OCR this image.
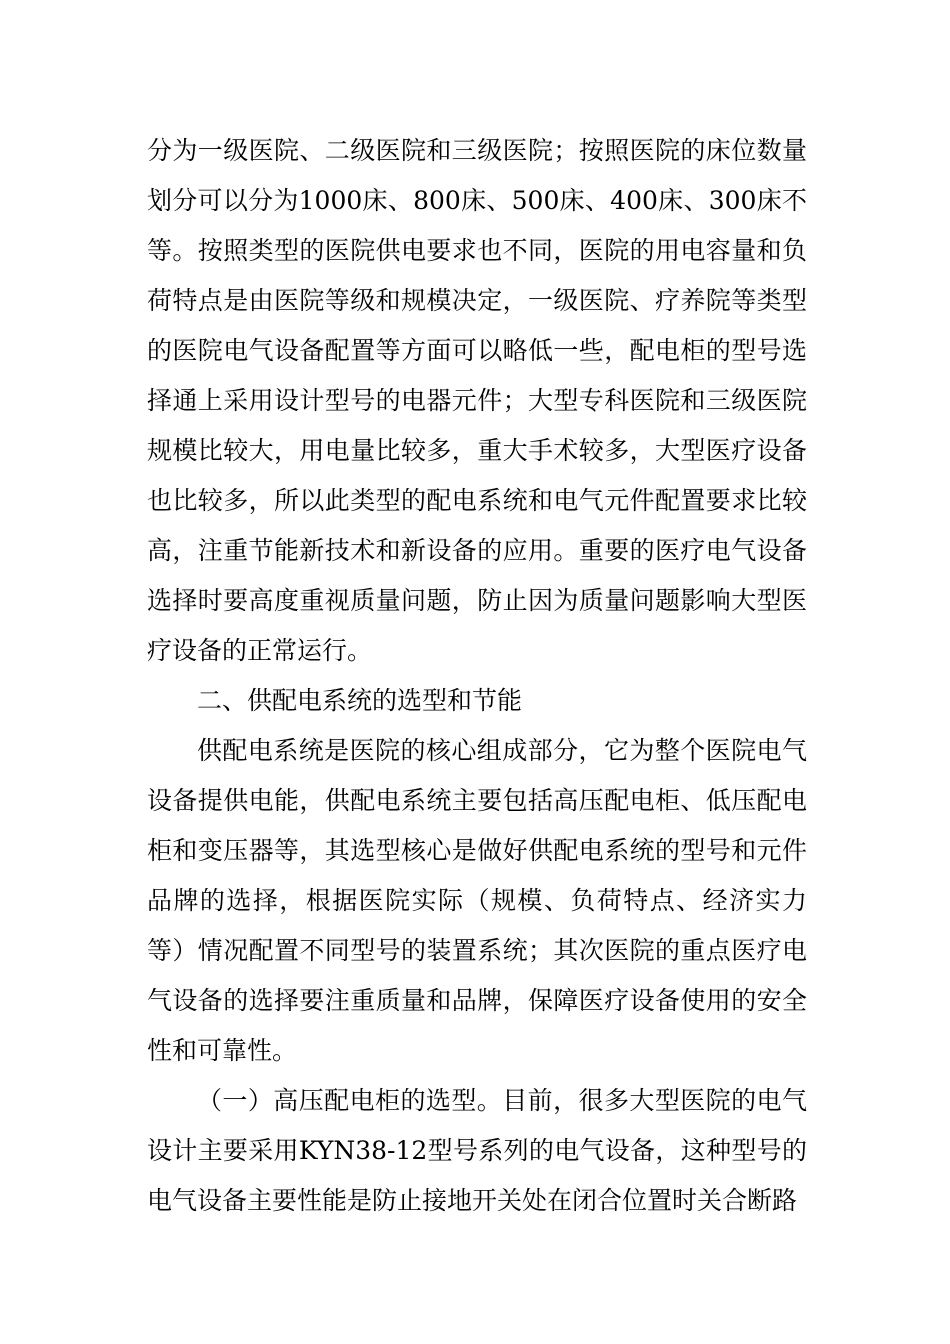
分为一级医院、二级医院和三级医院；按照医院的床位数量划分可以分为1000床、800床、500床、400床、300床不等。按照类型的医院供电要求也不同，医院的用电容量和负荷特点是由医院等级和规模决定，一级医院、疗养院等类型的医院电气设备配置等方面可以略低一些，配电柜的型号选择通上采用设计型号的电器元件；大型专科医院和三级医院规模比较大，用电量比较多，重大手术较多，大型医疗设备也比较多，所以此类型的配电系统和电气元件配置要求比较高，注重节能新技术和新设备的应用。重要的医疗电气设备选择时要高度重视质量问题，防止因为质量问题影响大型医疗设备的正常运行。

二、供配电系统的选型和节能

供配电系统是医院的核心组成部分，它为整个医院电气设备提供电能，供配电系统主要包括高压配电柜、低压配电柜和变压器等，其选型核心是做好供配电系统的型号和元件品牌的选择，根据医院实际（规模、负荷特点、经济实力等）情况配置不同型号的装置系统；其次医院的重点医疗电气设备的选择要注重质量和品牌，保障医疗设备使用的安全性和可靠性。

（一）高压配电柜的选型。目前，很多大型医院的电气设计主要采用KYN38-12型号系列的电气设备，这种型号的电气设备主要性能是防止接地开关处在闭合位置时关合断路
